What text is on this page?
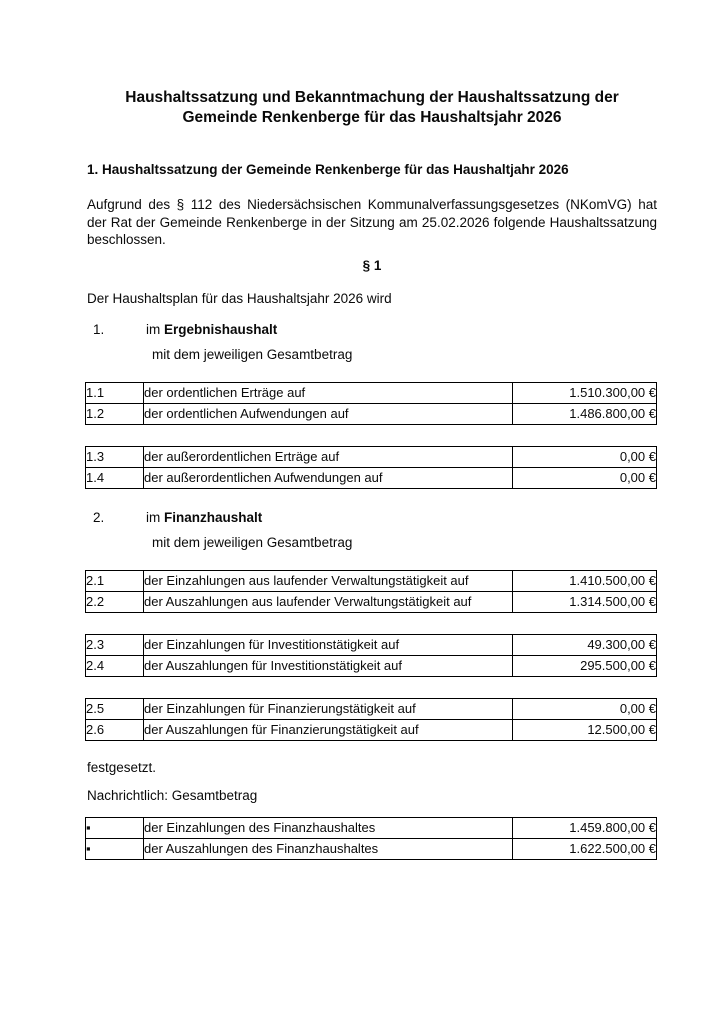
Haushaltssatzung und Bekanntmachung der Haushaltssatzung der Gemeinde Renkenberge für das Haushaltsjahr 2026
1. Haushaltssatzung der Gemeinde Renkenberge für das Haushaltjahr 2026

Aufgrund des § 112 des Niedersächsischen Kommunalverfassungsgesetzes (NKomVG) hat der Rat der Gemeinde Renkenberge in der Sitzung am 25.02.2026 folgende Haushaltssatzung beschlossen.

§ 1

Der Haushaltsplan für das Haushaltsjahr 2026 wird

1.	im Ergebnishaushalt
mit dem jeweiligen Gesamtbetrag
1.1	der ordentlichen Erträge auf	1.510.300,00 €
1.2	der ordentlichen Aufwendungen auf	1.486.800,00 €
1.3	der außerordentlichen Erträge auf	0,00 €
1.4	der außerordentlichen Aufwendungen auf	0,00 €
2.	im Finanzhaushalt
mit dem jeweiligen Gesamtbetrag
2.1	der Einzahlungen aus laufender Verwaltungstätigkeit auf	1.410.500,00 €
2.2	der Auszahlungen aus laufender Verwaltungstätigkeit auf	1.314.500,00 €
2.3	der Einzahlungen für Investitionstätigkeit auf	49.300,00 €
2.4	der Auszahlungen für Investitionstätigkeit auf	295.500,00 €
2.5	der Einzahlungen für Finanzierungstätigkeit auf	0,00 €
2.6	der Auszahlungen für Finanzierungstätigkeit auf	12.500,00 €

festgesetzt.

Nachrichtlich: Gesamtbetrag

▪	der Einzahlungen des Finanzhaushaltes	1.459.800,00 €
▪	der Auszahlungen des Finanzhaushaltes	1.622.500,00 €
